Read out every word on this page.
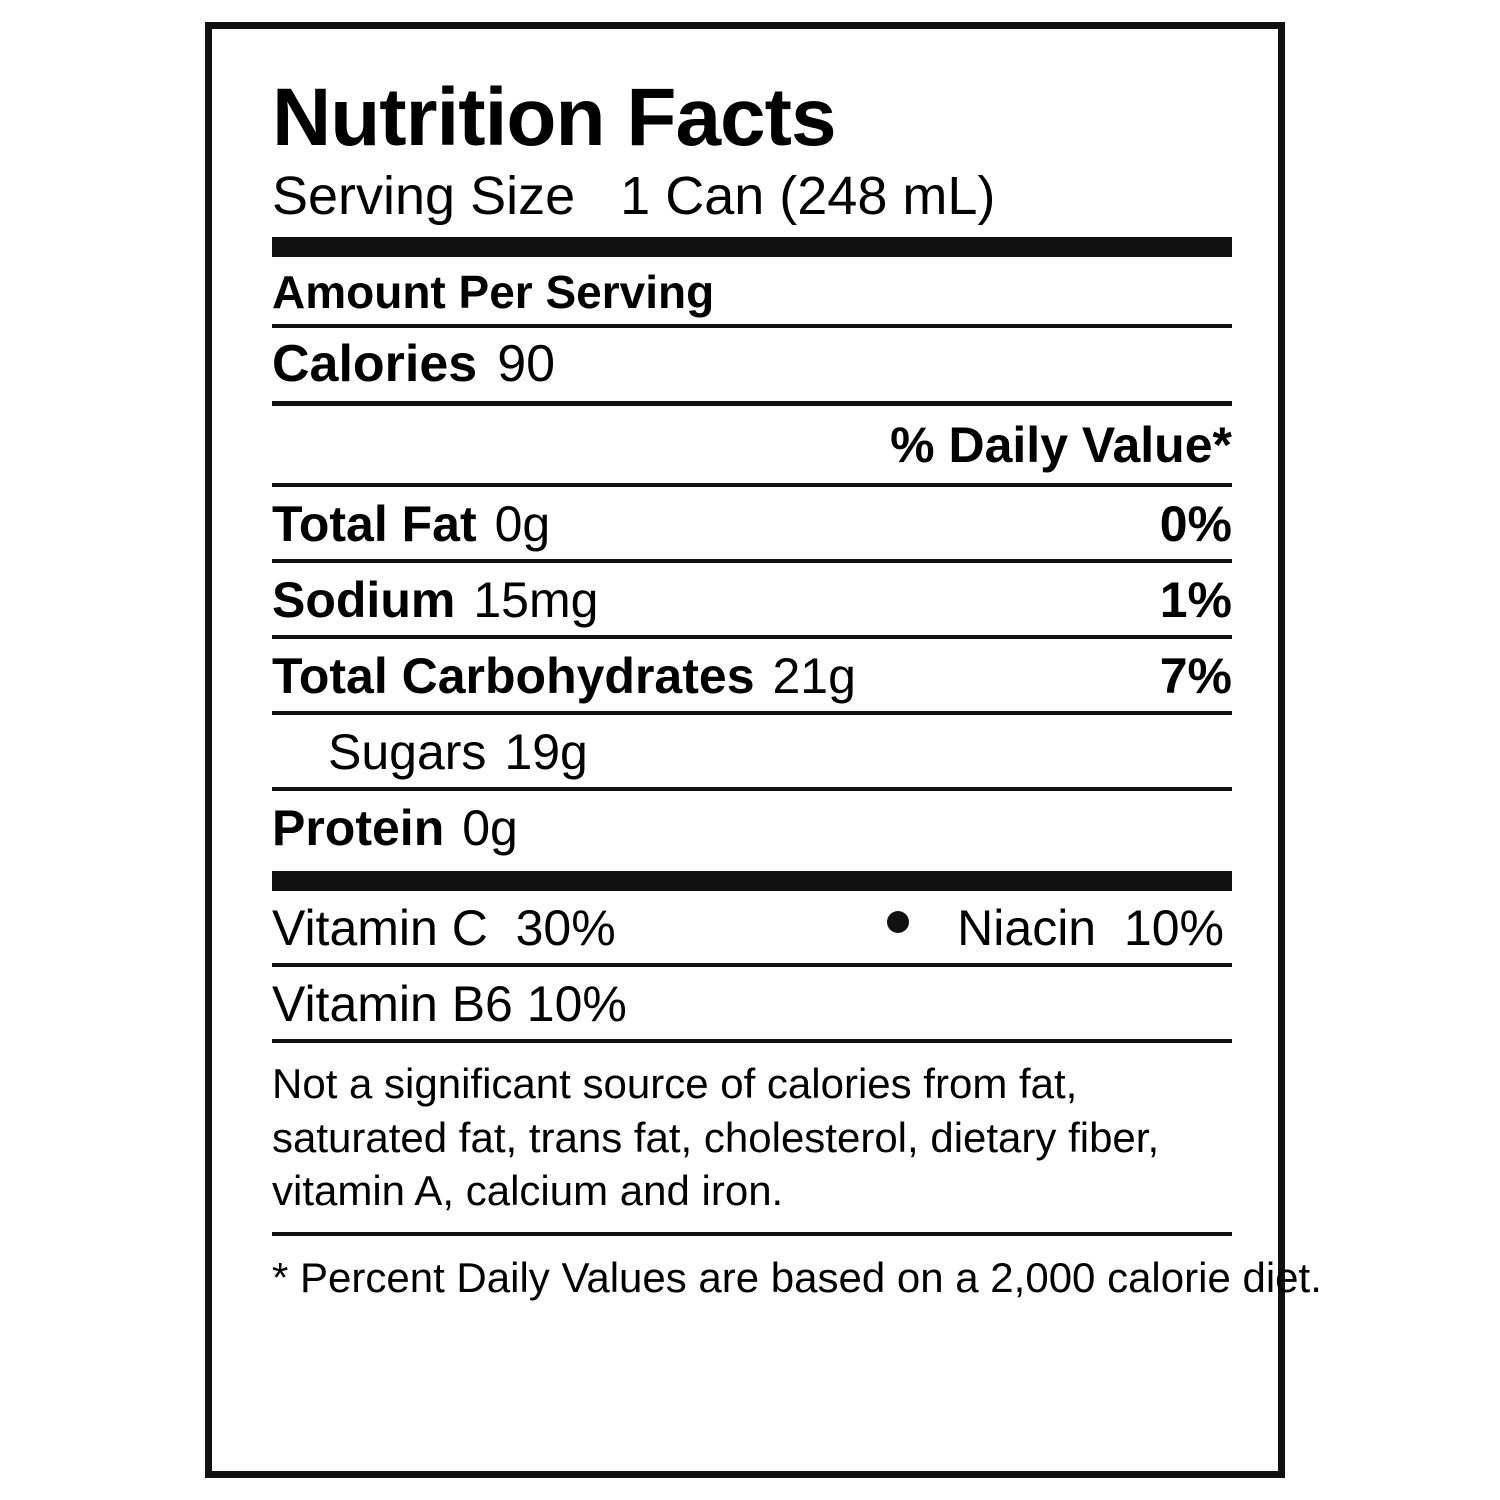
Nutrition Facts
Serving Size 1 Can (248 mL)
Amount Per Serving
Calories 90
% Daily Value*
Total Fat 0g	0%
Sodium 15mg	1%
Total Carbohydrates 21g	7%
Sugars 19g
Protein 0g
Vitamin C 30%	Niacin 10%
Vitamin B6 10%
Not a significant source of calories from fat, saturated fat, trans fat, cholesterol, dietary fiber, vitamin A, calcium and iron.
* Percent Daily Values are based on a 2,000 calorie diet.
